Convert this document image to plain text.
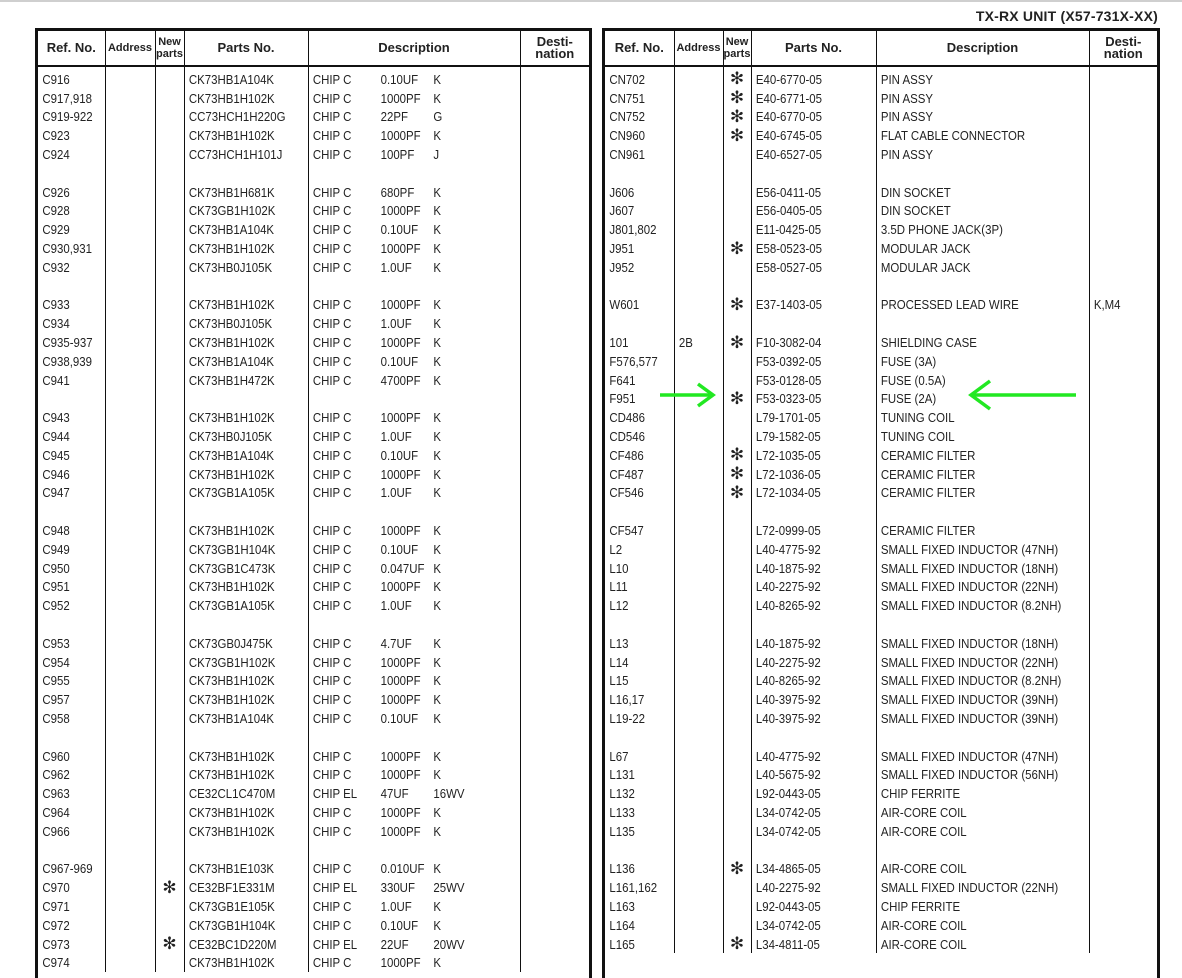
TX-RX UNIT (X57-731X-XX)
Ref. No.	Address	New
parts	Parts No.	Description	Desti-
nation
C916			CK73HB1A104K	CHIP C 0.10UF K	

C917,918			CK73HB1H102K	CHIP C 1000PF K	

C919-922			CC73HCH1H220G	CHIP C 22PF G	

C923			CK73HB1H102K	CHIP C 1000PF K	

C924			CC73HCH1H101J	CHIP C 100PF J	

C926			CK73HB1H681K	CHIP C 680PF K	

C928			CK73GB1H102K	CHIP C 1000PF K	

C929			CK73HB1A104K	CHIP C 0.10UF K	

C930,931			CK73HB1H102K	CHIP C 1000PF K	

C932			CK73HB0J105K	CHIP C 1.0UF K	

C933			CK73HB1H102K	CHIP C 1000PF K	

C934			CK73HB0J105K	CHIP C 1.0UF K	

C935-937			CK73HB1H102K	CHIP C 1000PF K	

C938,939			CK73HB1A104K	CHIP C 0.10UF K	

C941			CK73HB1H472K	CHIP C 4700PF K	

C943			CK73HB1H102K	CHIP C 1000PF K	

C944			CK73HB0J105K	CHIP C 1.0UF K	

C945			CK73HB1A104K	CHIP C 0.10UF K	

C946			CK73HB1H102K	CHIP C 1000PF K	

C947			CK73GB1A105K	CHIP C 1.0UF K	

C948			CK73HB1H102K	CHIP C 1000PF K	

C949			CK73GB1H104K	CHIP C 0.10UF K	

C950			CK73GB1C473K	CHIP C 0.047UF K	

C951			CK73HB1H102K	CHIP C 1000PF K	

C952			CK73GB1A105K	CHIP C 1.0UF K	

C953			CK73GB0J475K	CHIP C 4.7UF K	

C954			CK73GB1H102K	CHIP C 1000PF K	

C955			CK73HB1H102K	CHIP C 1000PF K	

C957			CK73HB1H102K	CHIP C 1000PF K	

C958			CK73HB1A104K	CHIP C 0.10UF K	

C960			CK73HB1H102K	CHIP C 1000PF K	

C962			CK73HB1H102K	CHIP C 1000PF K	

C963			CE32CL1C470M	CHIP EL 47UF 16WV	

C964			CK73HB1H102K	CHIP C 1000PF K	

C966			CK73HB1H102K	CHIP C 1000PF K	

C967-969			CK73HB1E103K	CHIP C 0.010UF K	

C970		✻	CE32BF1E331M	CHIP EL 330UF 25WV	

C971			CK73GB1E105K	CHIP C 1.0UF K	

C972			CK73GB1H104K	CHIP C 0.10UF K	

C973		✻	CE32BC1D220M	CHIP EL 22UF 20WV	

C974			CK73HB1H102K	CHIP C 1000PF K	

Ref. No.	Address	New
parts	Parts No.	Description	Desti-
nation
CN702		✻	E40-6770-05	PIN ASSY	
CN751		✻	E40-6771-05	PIN ASSY	
CN752		✻	E40-6770-05	PIN ASSY	
CN960		✻	E40-6745-05	FLAT CABLE CONNECTOR	
CN961			E40-6527-05	PIN ASSY	

J606			E56-0411-05	DIN SOCKET	
J607			E56-0405-05	DIN SOCKET	
J801,802			E11-0425-05	3.5D PHONE JACK(3P)	
J951		✻	E58-0523-05	MODULAR JACK	
J952			E58-0527-05	MODULAR JACK	

W601		✻	E37-1403-05	PROCESSED LEAD WIRE	K,M4

101	2B	✻	F10-3082-04	SHIELDING CASE	
F576,577			F53-0392-05	FUSE (3A)	
F641			F53-0128-05	FUSE (0.5A)	
F951		✻	F53-0323-05	FUSE (2A)	
CD486			L79-1701-05	TUNING COIL	
CD546			L79-1582-05	TUNING COIL	
CF486		✻	L72-1035-05	CERAMIC FILTER	
CF487		✻	L72-1036-05	CERAMIC FILTER	
CF546		✻	L72-1034-05	CERAMIC FILTER	

CF547			L72-0999-05	CERAMIC FILTER	
L2			L40-4775-92	SMALL FIXED INDUCTOR (47NH)	
L10			L40-1875-92	SMALL FIXED INDUCTOR (18NH)	
L11			L40-2275-92	SMALL FIXED INDUCTOR (22NH)	
L12			L40-8265-92	SMALL FIXED INDUCTOR (8.2NH)	

L13			L40-1875-92	SMALL FIXED INDUCTOR (18NH)	
L14			L40-2275-92	SMALL FIXED INDUCTOR (22NH)	
L15			L40-8265-92	SMALL FIXED INDUCTOR (8.2NH)	
L16,17			L40-3975-92	SMALL FIXED INDUCTOR (39NH)	
L19-22			L40-3975-92	SMALL FIXED INDUCTOR (39NH)	

L67			L40-4775-92	SMALL FIXED INDUCTOR (47NH)	
L131			L40-5675-92	SMALL FIXED INDUCTOR (56NH)	
L132			L92-0443-05	CHIP FERRITE	
L133			L34-0742-05	AIR-CORE COIL	
L135			L34-0742-05	AIR-CORE COIL	

L136		✻	L34-4865-05	AIR-CORE COIL	
L161,162			L40-2275-92	SMALL FIXED INDUCTOR (22NH)	
L163			L92-0443-05	CHIP FERRITE	
L164			L34-0742-05	AIR-CORE COIL	
L165		✻	L34-4811-05	AIR-CORE COIL	
